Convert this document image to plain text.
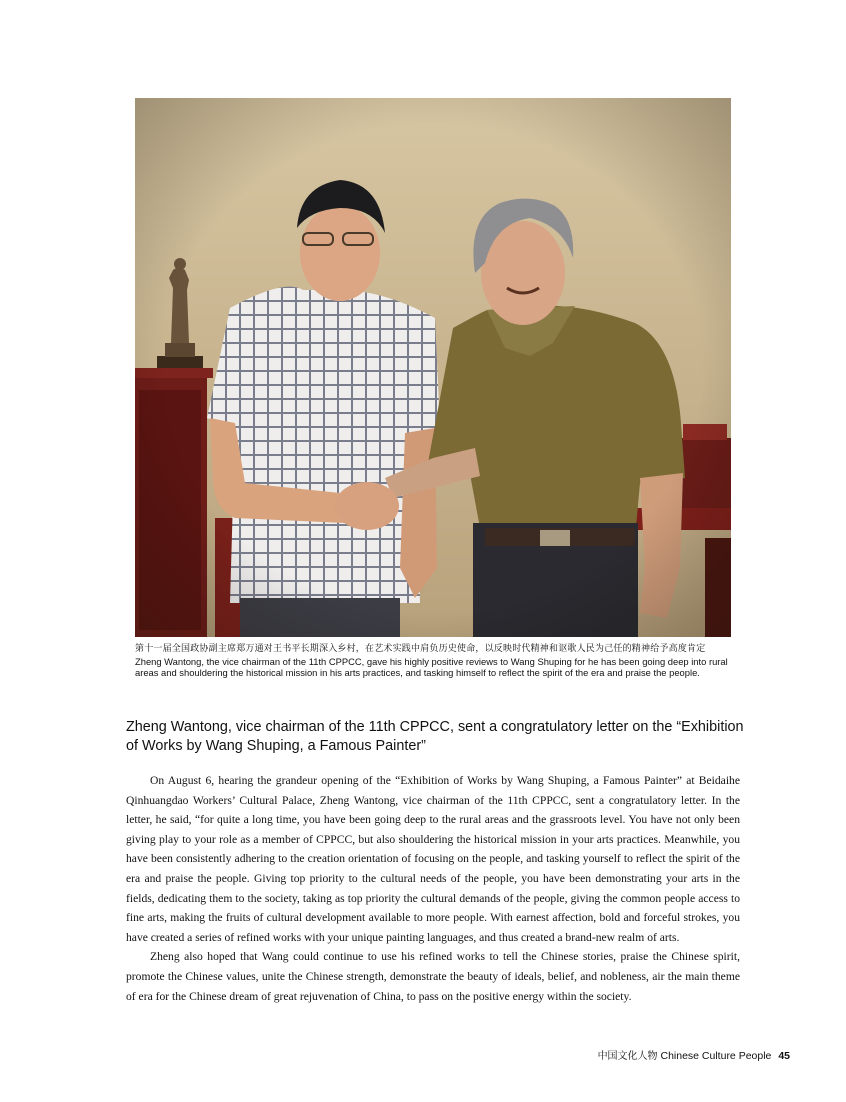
第十一届全国政协副主席郑万通对王书平长期深入乡村，在艺术实践中肩负历史使命，以反映时代精神和讴歌人民为己任的精神给予高度肯定
Zheng Wantong, the vice chairman of the 11th CPPCC, gave his highly positive reviews to Wang Shuping for he has been going deep into rural areas and shouldering the historical mission in his arts practices, and tasking himself to reflect the spirit of the era and praise the people.
Zheng Wantong, vice chairman of the 11th CPPCC, sent a congratulatory letter on the “Exhibition of Works by Wang Shuping, a Famous Painter”

On August 6, hearing the grandeur opening of the “Exhibition of Works by Wang Shuping, a Famous Painter” at Beidaihe Qinhuangdao Workers’ Cultural Palace, Zheng Wantong, vice chairman of the 11th CPPCC, sent a congratulatory letter. In the letter, he said, “for quite a long time, you have been going deep to the rural areas and the grassroots level. You have not only been giving play to your role as a member of CPPCC, but also shouldering the historical mission in your arts practices. Meanwhile, you have been consistently adhering to the creation orientation of focusing on the people, and tasking yourself to reflect the spirit of the era and praise the people. Giving top priority to the cultural needs of the people, you have been demonstrating your arts in the fields, dedicating them to the society, taking as top priority the cultural demands of the people, giving the common people access to fine arts, making the fruits of cultural development available to more people. With earnest affection, bold and forceful strokes, you have created a series of refined works with your unique painting languages, and thus created a brand-new realm of arts.

Zheng also hoped that Wang could continue to use his refined works to tell the Chinese stories, praise the Chinese spirit, promote the Chinese values, unite the Chinese strength, demonstrate the beauty of ideals, belief, and nobleness, air the main theme of era for the Chinese dream of great rejuvenation of China, to pass on the positive energy within the society.

中国文化人物 Chinese Culture People 45
